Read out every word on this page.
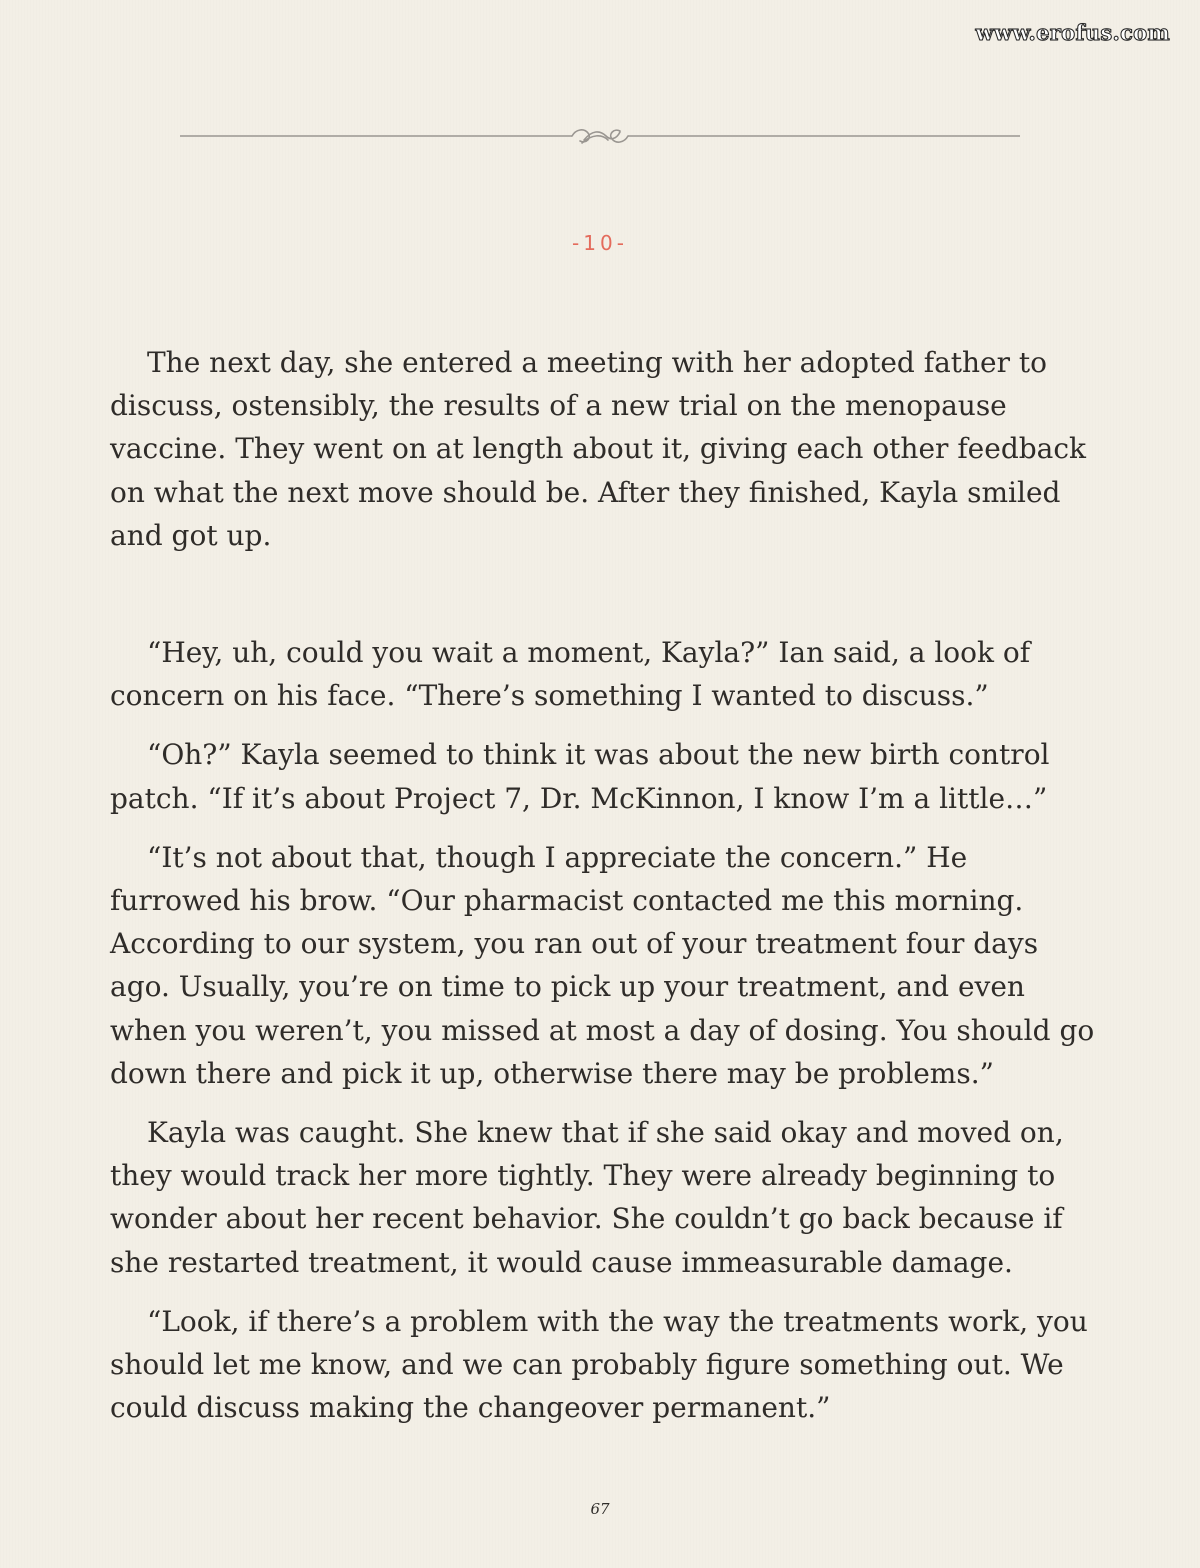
www.erofus.com
-10-

The next day, she entered a meeting with her adopted father to discuss, ostensibly, the results of a new trial on the menopause vaccine. They went on at length about it, giving each other feedback on what the next move should be. After they finished, Kayla smiled and got up.

“Hey, uh, could you wait a moment, Kayla?” Ian said, a look of concern on his face. “There’s something I wanted to discuss.”

“Oh?” Kayla seemed to think it was about the new birth control patch. “If it’s about Project 7, Dr. McKinnon, I know I’m a little…”

“It’s not about that, though I appreciate the concern.” He furrowed his brow. “Our pharmacist contacted me this morning. According to our system, you ran out of your treatment four days ago. Usually, you’re on time to pick up your treatment, and even when you weren’t, you missed at most a day of dosing. You should go down there and pick it up, otherwise there may be problems.”

Kayla was caught. She knew that if she said okay and moved on, they would track her more tightly. They were already beginning to wonder about her recent behavior. She couldn’t go back because if she restarted treatment, it would cause immeasurable damage.

“Look, if there’s a problem with the way the treatments work, you should let me know, and we can probably figure something out. We could discuss making the changeover permanent.”

67
